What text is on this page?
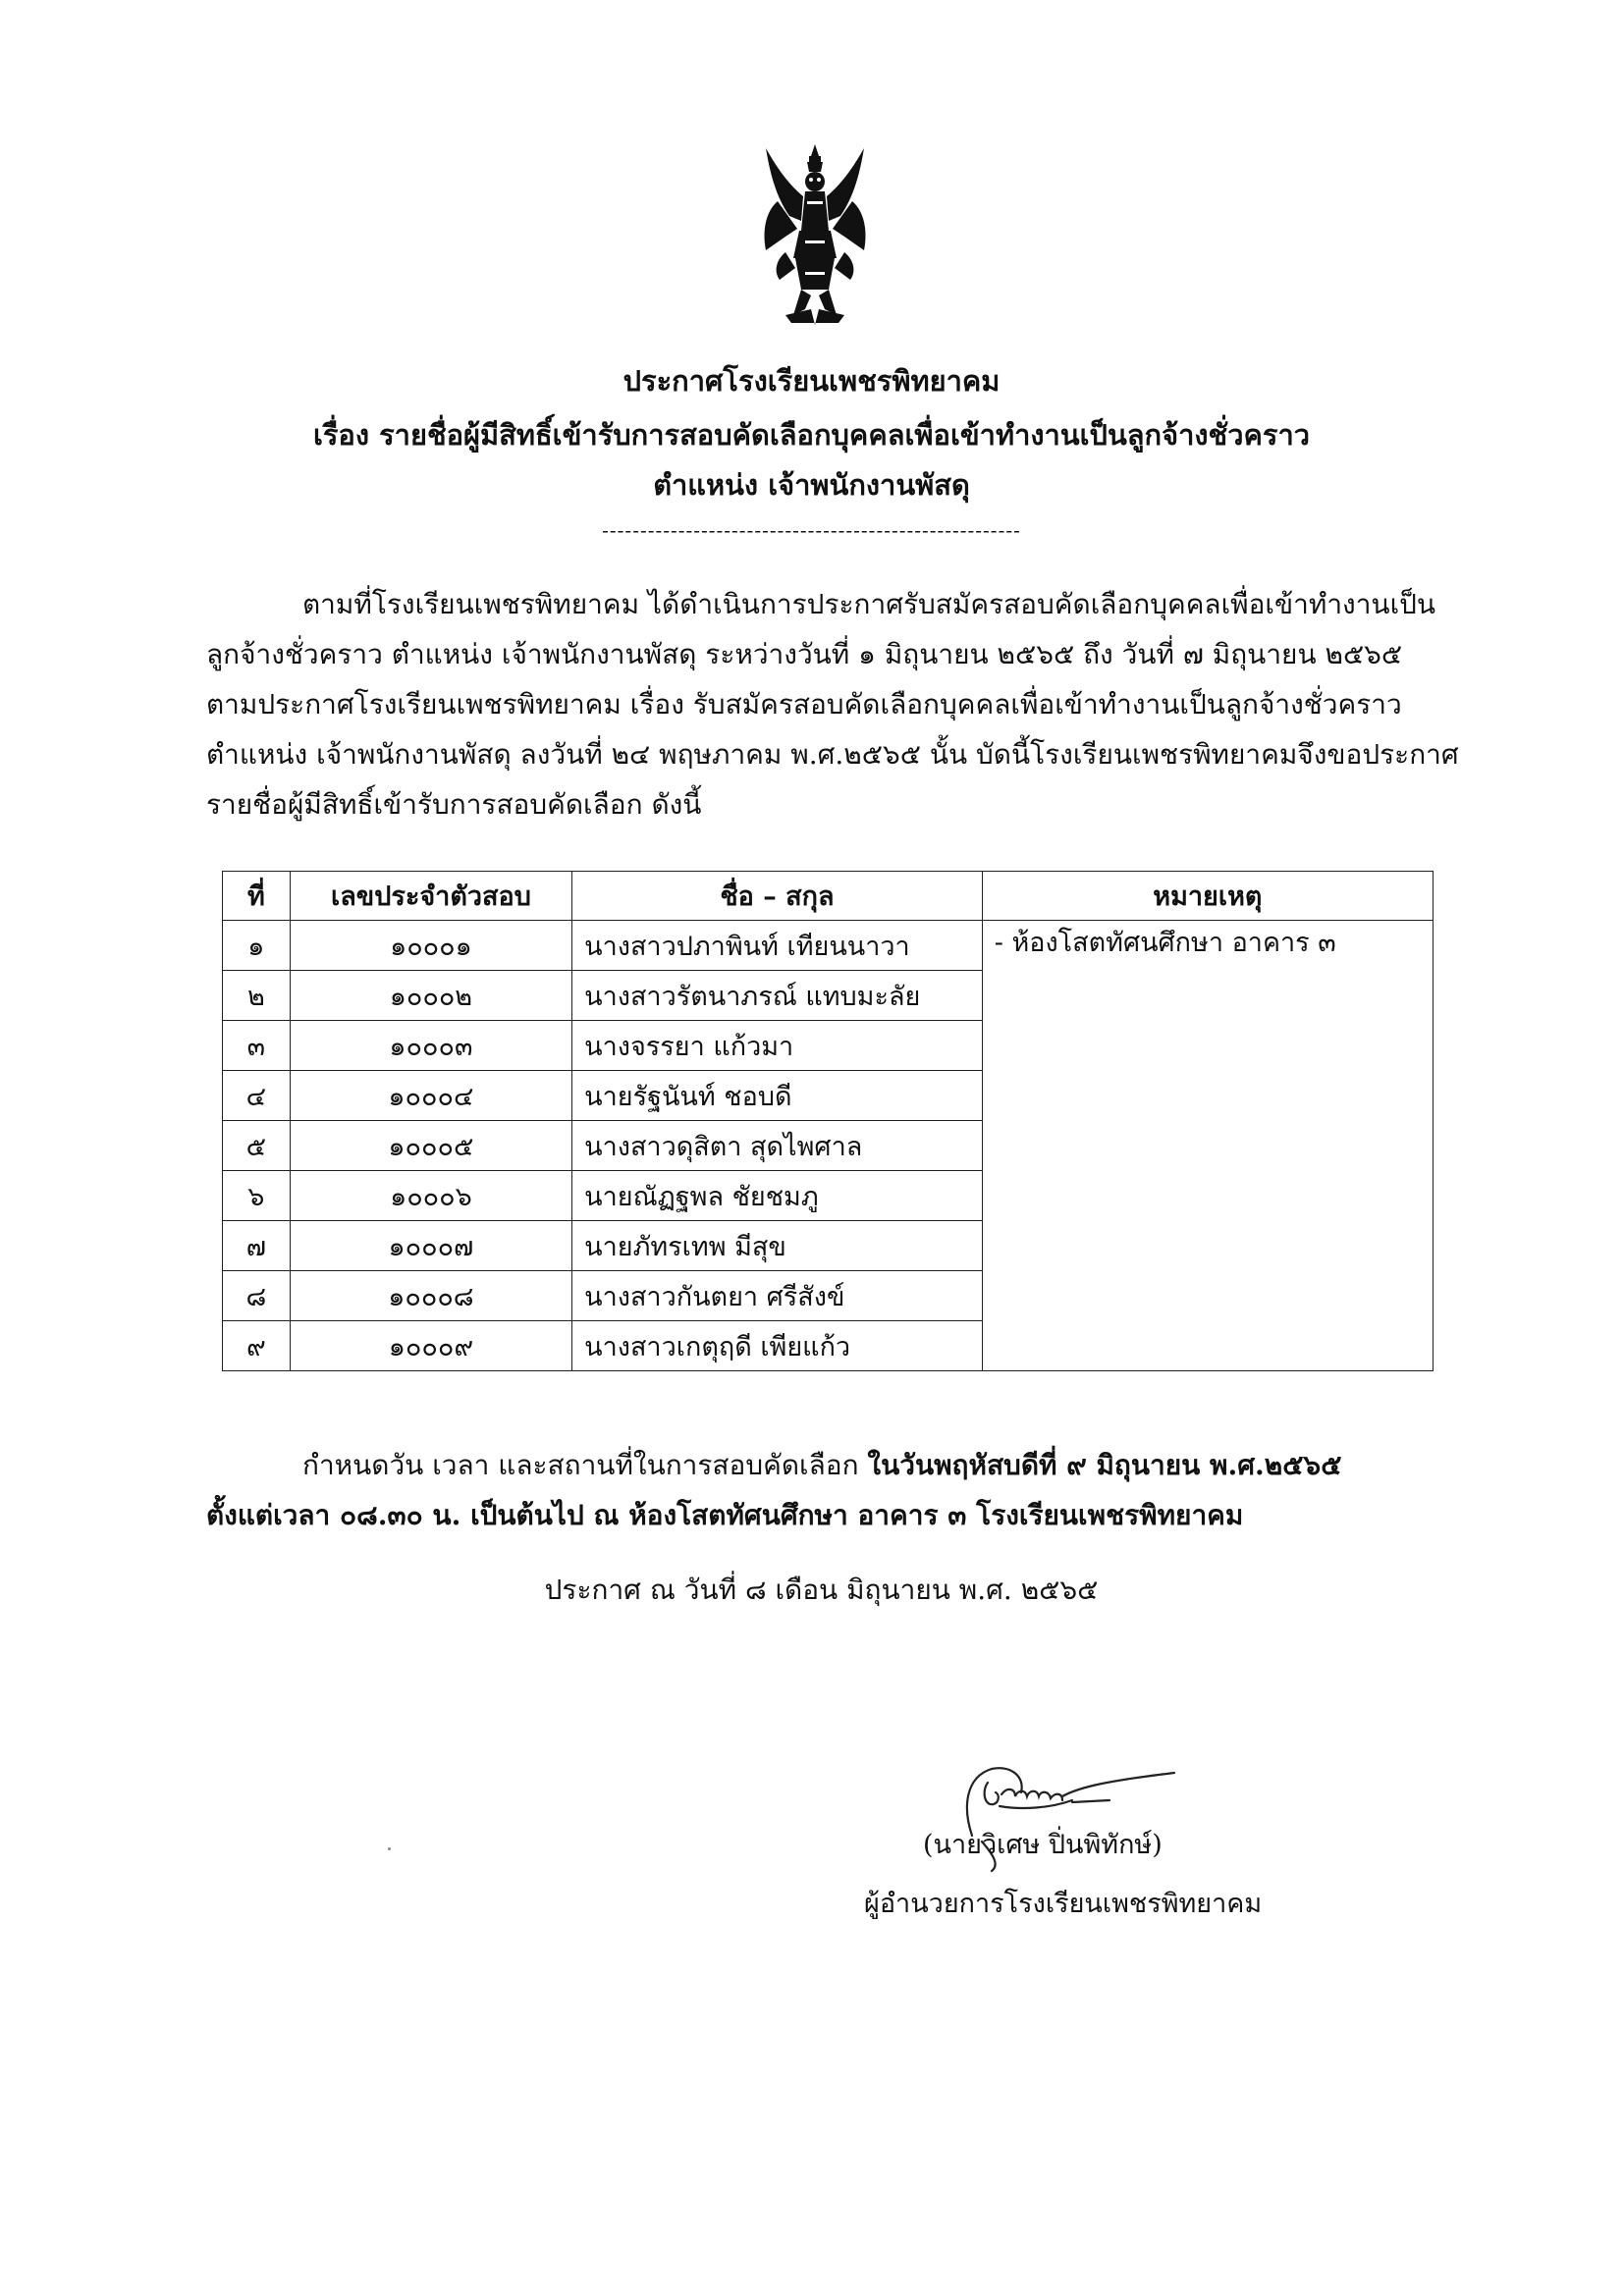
ประกาศโรงเรียนเพชรพิทยาคม
เรื่อง รายชื่อผู้มีสิทธิ์เข้ารับการสอบคัดเลือกบุคคลเพื่อเข้าทำงานเป็นลูกจ้างชั่วคราว
ตำแหน่ง เจ้าพนักงานพัสดุ
-------------------------------------------------------
ตามที่โรงเรียนเพชรพิทยาคม ได้ดำเนินการประกาศรับสมัครสอบคัดเลือกบุคคลเพื่อเข้าทำงานเป็น
ลูกจ้างชั่วคราว ตำแหน่ง เจ้าพนักงานพัสดุ ระหว่างวันที่ ๑ มิถุนายน ๒๕๖๕ ถึง วันที่ ๗ มิถุนายน ๒๕๖๕
ตามประกาศโรงเรียนเพชรพิทยาคม เรื่อง รับสมัครสอบคัดเลือกบุคคลเพื่อเข้าทำงานเป็นลูกจ้างชั่วคราว
ตำแหน่ง เจ้าพนักงานพัสดุ ลงวันที่ ๒๔ พฤษภาคม พ.ศ.๒๕๖๕ นั้น บัดนี้โรงเรียนเพชรพิทยาคมจึงขอประกาศ
รายชื่อผู้มีสิทธิ์เข้ารับการสอบคัดเลือก ดังนี้
ที่	เลขประจำตัวสอบ	ชื่อ – สกุล	หมายเหตุ
๑	๑๐๐๐๑	นางสาวปภาพินท์ เทียนนาวา	- ห้องโสตทัศนศึกษา อาคาร ๓
๒	๑๐๐๐๒	นางสาวรัตนาภรณ์ แทบมะลัย	
๓	๑๐๐๐๓	นางจรรยา แก้วมา	
๔	๑๐๐๐๔	นายรัฐนันท์ ชอบดี	
๕	๑๐๐๐๕	นางสาวดุสิตา สุดไพศาล	
๖	๑๐๐๐๖	นายณัฏฐพล ชัยชมภู	
๗	๑๐๐๐๗	นายภัทรเทพ มีสุข	
๘	๑๐๐๐๘	นางสาวกันตยา ศรีสังข์	
๙	๑๐๐๐๙	นางสาวเกตุฤดี เพียแก้ว	
กำหนดวัน เวลา และสถานที่ในการสอบคัดเลือก ในวันพฤหัสบดีที่ ๙ มิถุนายน พ.ศ.๒๕๖๕
ตั้งแต่เวลา ๐๘.๓๐ น. เป็นต้นไป ณ ห้องโสตทัศนศึกษา อาคาร ๓ โรงเรียนเพชรพิทยาคม
ประกาศ ณ วันที่ ๘ เดือน มิถุนายน พ.ศ. ๒๕๖๕
(นายวิเศษ ปิ่นพิทักษ์)
ผู้อำนวยการโรงเรียนเพชรพิทยาคม
